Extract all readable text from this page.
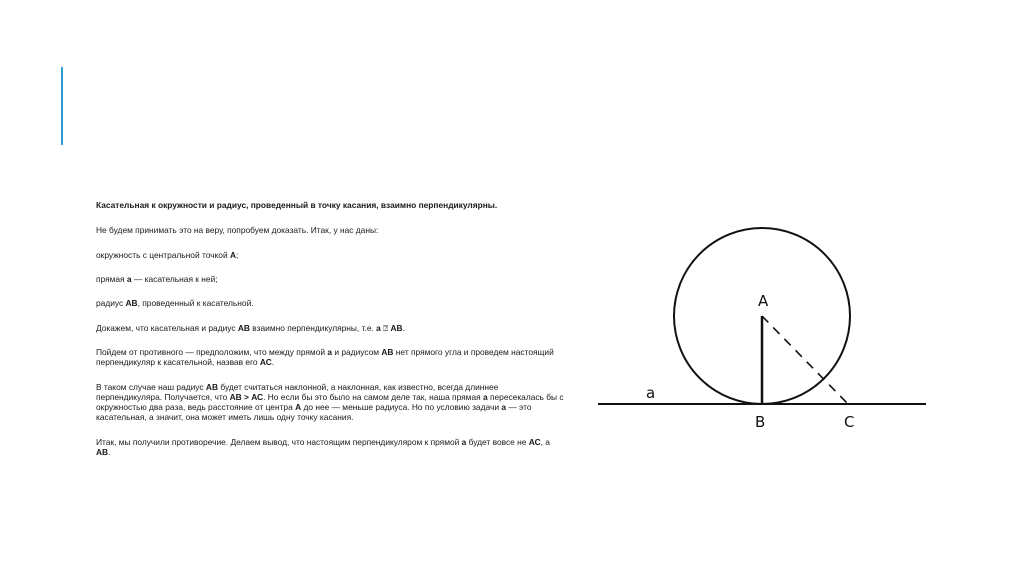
Касательная к окружности и радиус, проведенный в точку касания, взаимно перпендикулярны.

Не будем принимать это на веру, попробуем доказать. Итак, у нас даны:

окружность с центральной точкой А;

прямая а — касательная к ней;

радиус АВ, проведенный к касательной.

Докажем, что касательная и радиус АВ взаимно перпендикулярны, т.е. а ⍰ АВ.

Пойдем от противного — предположим, что между прямой а и радиусом АВ нет прямого угла и проведем настоящий перпендикуляр к касательной, назвав его АС.

В таком случае наш радиус АВ будет считаться наклонной, а наклонная, как известно, всегда длиннее перпендикуляра. Получается, что АВ > АС. Но если бы это было на самом деле так, наша прямая а пересекалась бы с окружностью два раза, ведь расстояние от центра А до нее — меньше радиуса. Но по условию задачи а — это касательная, а значит, она может иметь лишь одну точку касания.

Итак, мы получили противоречие. Делаем вывод, что настоящим перпендикуляром к прямой а будет вовсе не АС, а АВ.

A
B	C
a
